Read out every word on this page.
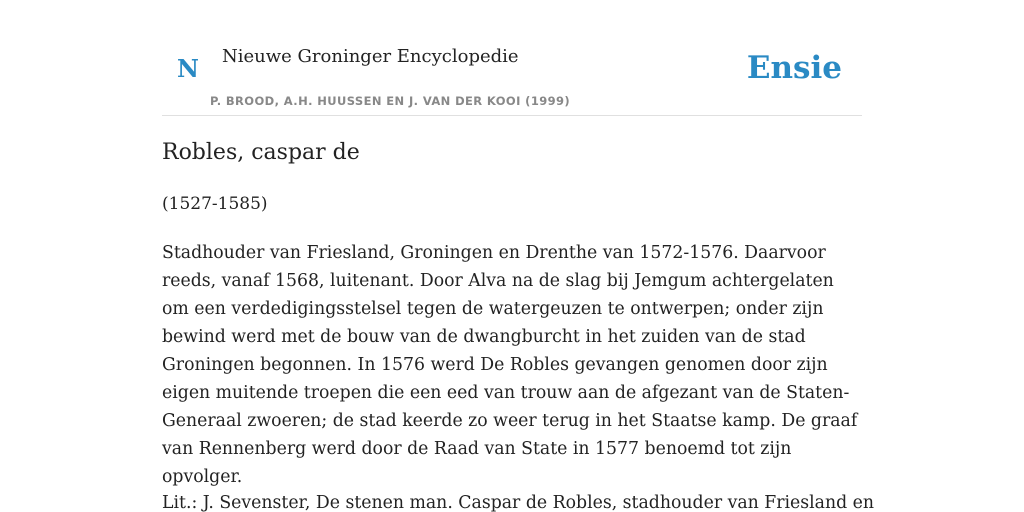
N Nieuwe Groninger Encyclopedie
P. BROOD, A.H. HUUSSEN EN J. VAN DER KOOI (1999)
Ensie
Robles, caspar de

(1527-1585)

Stadhouder van Friesland, Groningen en Drenthe van 1572-1576. Daarvoor reeds, vanaf 1568, luitenant. Door Alva na de slag bij Jemgum achtergelaten om een verdedigingsstelsel tegen de watergeuzen te ontwerpen; onder zijn bewind werd met de bouw van de dwangburcht in het zuiden van de stad Groningen begonnen. In 1576 werd De Robles gevangen genomen door zijn eigen muitende troepen die een eed van trouw aan de afgezant van de Staten-Generaal zwoeren; de stad keerde zo weer terug in het Staatse kamp. De graaf van Rennenberg werd door de Raad van State in 1577 benoemd tot zijn opvolger.

Lit.: J. Sevenster, De stenen man. Caspar de Robles, stadhouder van Friesland en
